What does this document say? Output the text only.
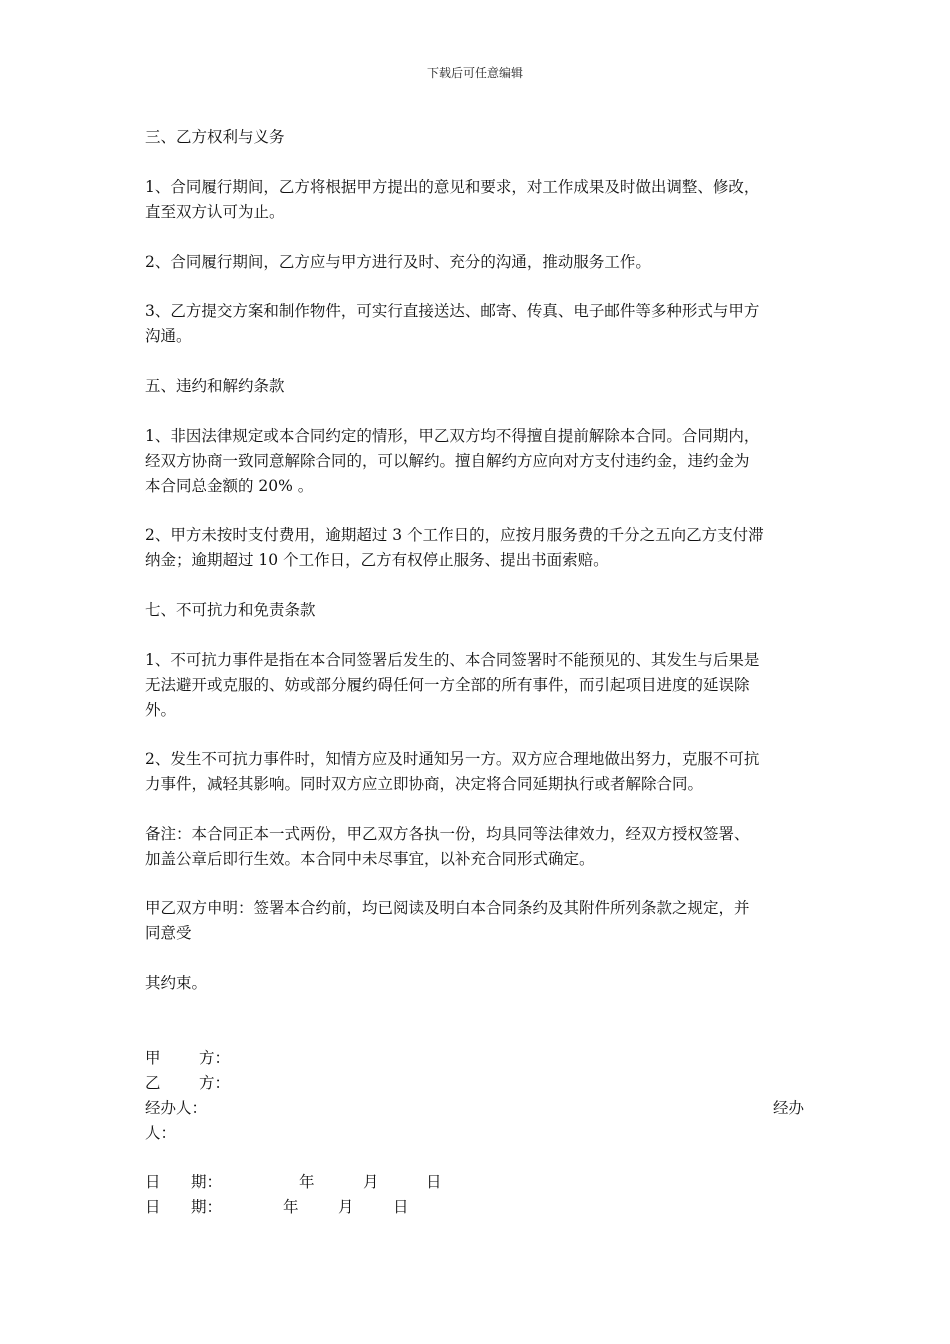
下载后可任意编辑
三、乙方权利与义务
1、合同履行期间，乙方将根据甲方提出的意见和要求，对工作成果及时做出调整、修改，
直至双方认可为止。
2、合同履行期间，乙方应与甲方进行及时、充分的沟通，推动服务工作。
3、乙方提交方案和制作物件，可实行直接送达、邮寄、传真、电子邮件等多种形式与甲方
沟通。
五、违约和解约条款
1、非因法律规定或本合同约定的情形，甲乙双方均不得擅自提前解除本合同。合同期内，
经双方协商一致同意解除合同的，可以解约。擅自解约方应向对方支付违约金，违约金为
本合同总金额的 20% 。
2、甲方未按时支付费用，逾期超过 3 个工作日的，应按月服务费的千分之五向乙方支付滞
纳金；逾期超过 10 个工作日，乙方有权停止服务、提出书面索赔。
七、不可抗力和免责条款
1、不可抗力事件是指在本合同签署后发生的、本合同签署时不能预见的、其发生与后果是
无法避开或克服的、妨或部分履约碍任何一方全部的所有事件，而引起项目进度的延误除
外。
2、发生不可抗力事件时，知情方应及时通知另一方。双方应合理地做出努力，克服不可抗
力事件，减轻其影响。同时双方应立即协商，决定将合同延期执行或者解除合同。
备注：本合同正本一式两份，甲乙双方各执一份，均具同等法律效力，经双方授权签署、
加盖公章后即行生效。本合同中未尽事宜，以补充合同形式确定。
甲乙双方申明：签署本合约前，均已阅读及明白本合同条约及其附件所列条款之规定，并
同意受
其约束。
甲 方：
乙 方：
经办人：	经办
人：
日 期：	年	月	日
日 期：	年	月	日
